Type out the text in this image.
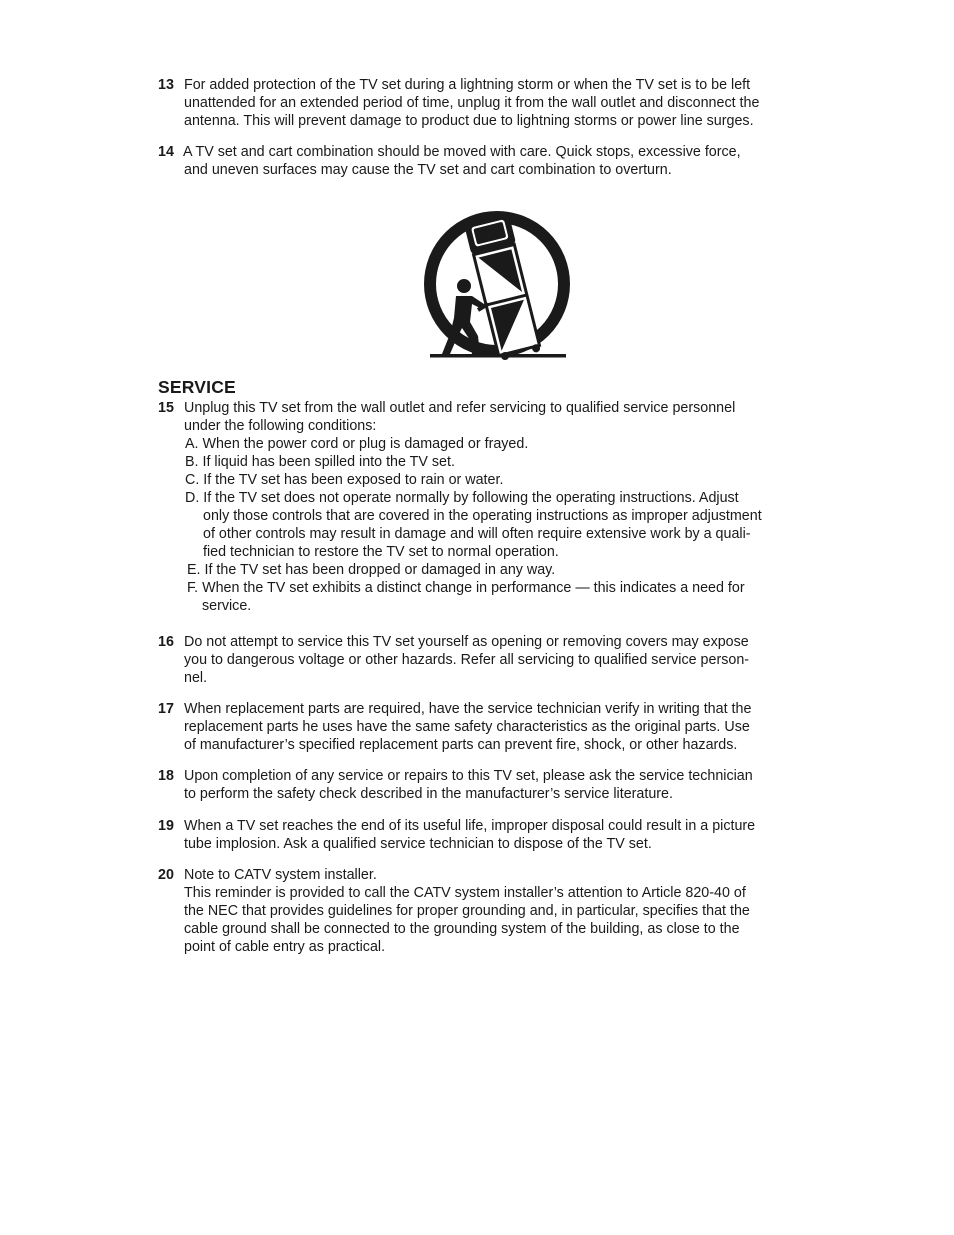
13 For added protection of the TV set during a lightning storm or when the TV set is to be left
unattended for an extended period of time, unplug it from the wall outlet and disconnect the
antenna. This will prevent damage to product due to lightning storms or power line surges.
14 A TV set and cart combination should be moved with care. Quick stops, excessive force,
and uneven surfaces may cause the TV set and cart combination to overturn.
SERVICE
15 Unplug this TV set from the wall outlet and refer servicing to qualified service personnel
under the following conditions:
A. When the power cord or plug is damaged or frayed.
B. If liquid has been spilled into the TV set.
C. If the TV set has been exposed to rain or water.
D. If the TV set does not operate normally by following the operating instructions. Adjust
only those controls that are covered in the operating instructions as improper adjustment
of other controls may result in damage and will often require extensive work by a quali-
fied technician to restore the TV set to normal operation.
E. If the TV set has been dropped or damaged in any way.
F. When the TV set exhibits a distinct change in performance — this indicates a need for
service.
16 Do not attempt to service this TV set yourself as opening or removing covers may expose
you to dangerous voltage or other hazards. Refer all servicing to qualified service person-
nel.
17 When replacement parts are required, have the service technician verify in writing that the
replacement parts he uses have the same safety characteristics as the original parts. Use
of manufacturer’s specified replacement parts can prevent fire, shock, or other hazards.
18 Upon completion of any service or repairs to this TV set, please ask the service technician
to perform the safety check described in the manufacturer’s service literature.
19 When a TV set reaches the end of its useful life, improper disposal could result in a picture
tube implosion. Ask a qualified service technician to dispose of the TV set.
20 Note to CATV system installer.
This reminder is provided to call the CATV system installer’s attention to Article 820-40 of
the NEC that provides guidelines for proper grounding and, in particular, specifies that the
cable ground shall be connected to the grounding system of the building, as close to the
point of cable entry as practical.
